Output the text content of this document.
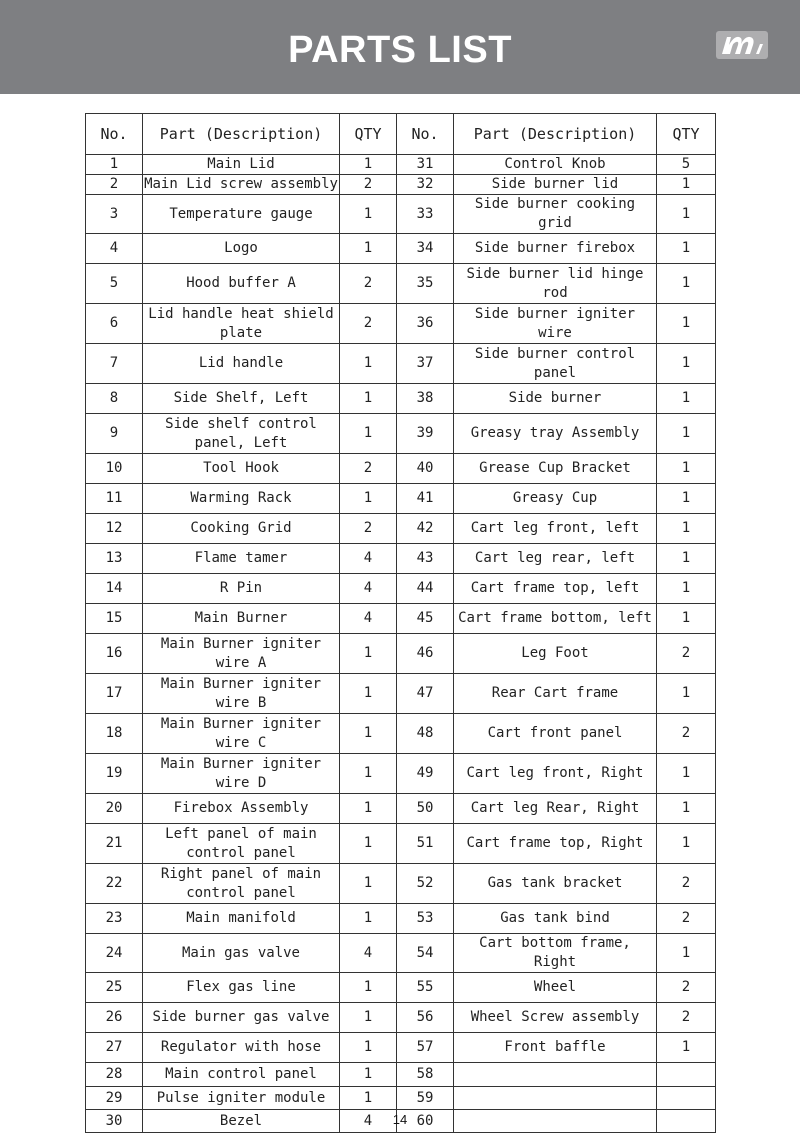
PARTS LIST
No.	Part (Description)	QTY	No.	Part (Description)	QTY
1	Main Lid	1	31	Control Knob	5
2	Main Lid screw assembly	2	32	Side burner lid	1
3	Temperature gauge	1	33	Side burner cooking grid	1
4	Logo	1	34	Side burner firebox	1
5	Hood buffer A	2	35	Side burner lid hinge rod	1
6	Lid handle heat shield plate	2	36	Side burner igniter wire	1
7	Lid handle	1	37	Side burner control panel	1
8	Side Shelf, Left	1	38	Side burner	1
9	Side shelf control panel, Left	1	39	Greasy tray Assembly	1
10	Tool Hook	2	40	Grease Cup Bracket	1
11	Warming Rack	1	41	Greasy Cup	1
12	Cooking Grid	2	42	Cart leg front, left	1
13	Flame tamer	4	43	Cart leg rear, left	1
14	R Pin	4	44	Cart frame top, left	1
15	Main Burner	4	45	Cart frame bottom, left	1
16	Main Burner igniter wire A	1	46	Leg Foot	2
17	Main Burner igniter wire B	1	47	Rear Cart frame	1
18	Main Burner igniter wire C	1	48	Cart front panel	2
19	Main Burner igniter wire D	1	49	Cart leg front, Right	1
20	Firebox Assembly	1	50	Cart leg Rear, Right	1
21	Left panel of main control panel	1	51	Cart frame top, Right	1
22	Right panel of main control panel	1	52	Gas tank bracket	2
23	Main manifold	1	53	Gas tank bind	2
24	Main gas valve	4	54	Cart bottom frame, Right	1
25	Flex gas line	1	55	Wheel	2
26	Side burner gas valve	1	56	Wheel Screw assembly	2
27	Regulator with hose	1	57	Front baffle	1
28	Main control panel	1	58		
29	Pulse igniter module	1	59		
30	Bezel	4	60		
14
